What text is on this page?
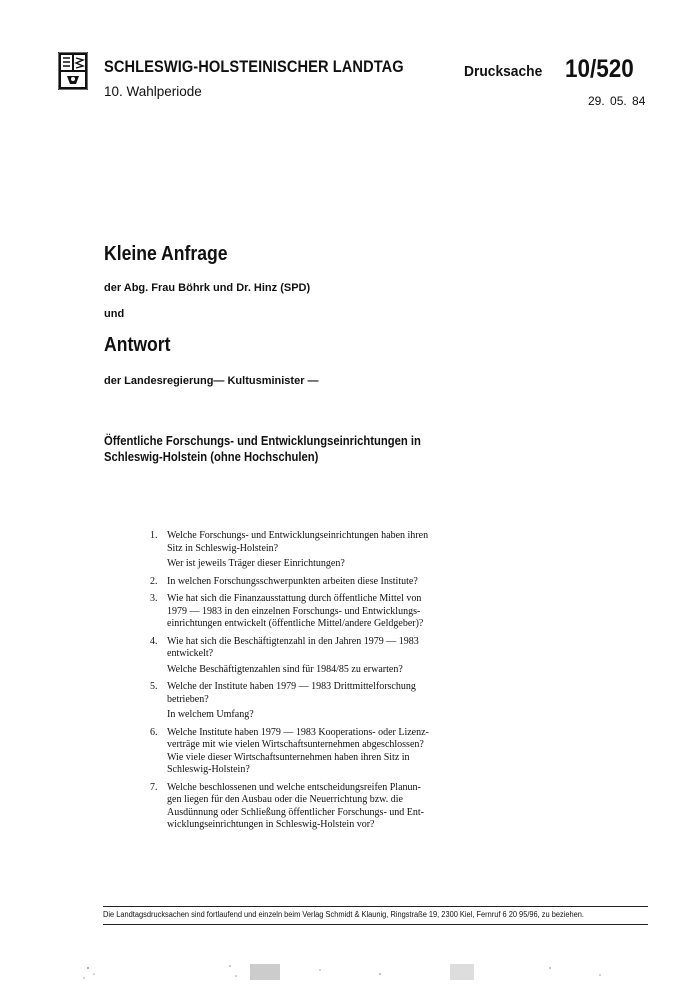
SCHLESWIG-HOLSTEINISCHER LANDTAG
10. Wahlperiode
Drucksache 10/520
29. 05. 84
Kleine Anfrage
der Abg. Frau Böhrk und Dr. Hinz (SPD)
und
Antwort
der Landesregierung— Kultusminister —
Öffentliche Forschungs- und Entwicklungseinrichtungen in
Schleswig-Holstein (ohne Hochschulen)
1. Welche Forschungs- und Entwicklungseinrichtungen haben ihren
Sitz in Schleswig-Holstein?
Wer ist jeweils Träger dieser Einrichtungen?
2. In welchen Forschungsschwerpunkten arbeiten diese Institute?
3. Wie hat sich die Finanzausstattung durch öffentliche Mittel von
1979 — 1983 in den einzelnen Forschungs- und Entwicklungs-
einrichtungen entwickelt (öffentliche Mittel/andere Geldgeber)?
4. Wie hat sich die Beschäftigtenzahl in den Jahren 1979 — 1983
entwickelt?
Welche Beschäftigtenzahlen sind für 1984/85 zu erwarten?
5. Welche der Institute haben 1979 — 1983 Drittmittelforschung
betrieben?
In welchem Umfang?
6. Welche Institute haben 1979 — 1983 Kooperations- oder Lizenz-
verträge mit wie vielen Wirtschaftsunternehmen abgeschlossen?
Wie viele dieser Wirtschaftsunternehmen haben ihren Sitz in
Schleswig-Holstein?
7. Welche beschlossenen und welche entscheidungsreifen Planun-
gen liegen für den Ausbau oder die Neuerrichtung bzw. die
Ausdünnung oder Schließung öffentlicher Forschungs- und Ent-
wicklungseinrichtungen in Schleswig-Holstein vor?
Die Landtagsdrucksachen sind fortlaufend und einzeln beim Verlag Schmidt & Klaunig, Ringstraße 19, 2300 Kiel, Fernruf 6 20 95/96, zu beziehen.
